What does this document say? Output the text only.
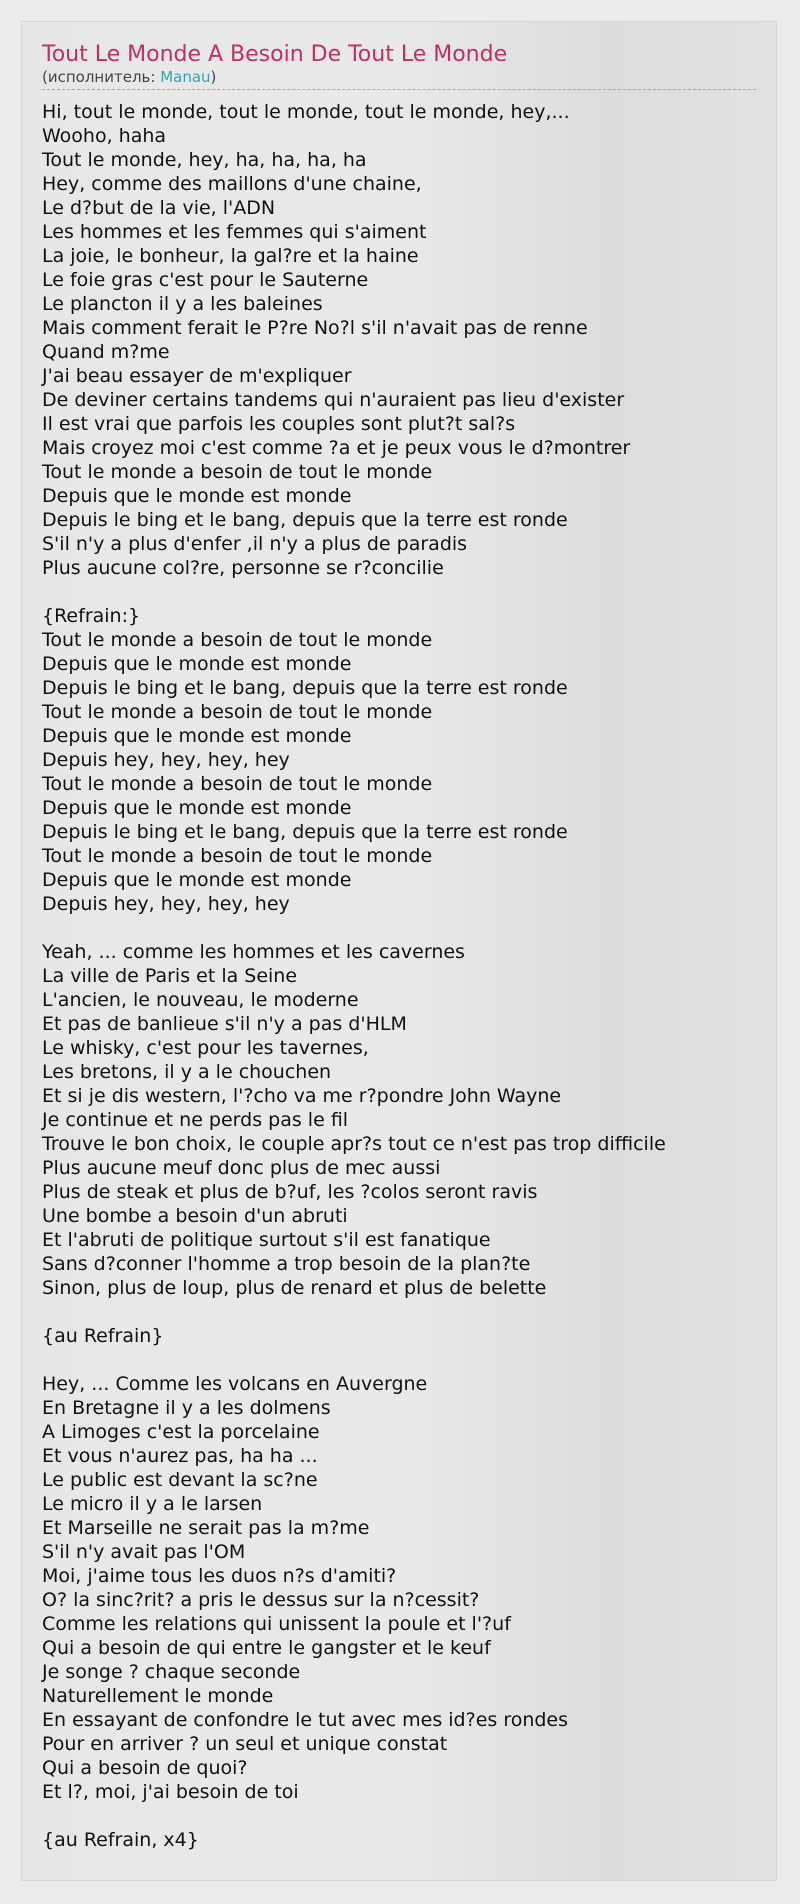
Tout Le Monde A Besoin De Tout Le Monde
(исполнитель: Manau)
Hi, tout le monde, tout le monde, tout le monde, hey,...
Wooho, haha
Tout le monde, hey, ha, ha, ha, ha
Hey, comme des maillons d'une chaine,
Le d?but de la vie, l'ADN
Les hommes et les femmes qui s'aiment
La joie, le bonheur, la gal?re et la haine
Le foie gras c'est pour le Sauterne
Le plancton il y a les baleines
Mais comment ferait le P?re No?l s'il n'avait pas de renne
Quand m?me
J'ai beau essayer de m'expliquer
De deviner certains tandems qui n'auraient pas lieu d'exister
Il est vrai que parfois les couples sont plut?t sal?s
Mais croyez moi c'est comme ?a et je peux vous le d?montrer
Tout le monde a besoin de tout le monde
Depuis que le monde est monde
Depuis le bing et le bang, depuis que la terre est ronde
S'il n'y a plus d'enfer ,il n'y a plus de paradis
Plus aucune col?re, personne se r?concilie
{Refrain:}
Tout le monde a besoin de tout le monde
Depuis que le monde est monde
Depuis le bing et le bang, depuis que la terre est ronde
Tout le monde a besoin de tout le monde
Depuis que le monde est monde
Depuis hey, hey, hey, hey
Tout le monde a besoin de tout le monde
Depuis que le monde est monde
Depuis le bing et le bang, depuis que la terre est ronde
Tout le monde a besoin de tout le monde
Depuis que le monde est monde
Depuis hey, hey, hey, hey
Yeah, ... comme les hommes et les cavernes
La ville de Paris et la Seine
L'ancien, le nouveau, le moderne
Et pas de banlieue s'il n'y a pas d'HLM
Le whisky, c'est pour les tavernes,
Les bretons, il y a le chouchen
Et si je dis western, l'?cho va me r?pondre John Wayne
Je continue et ne perds pas le fil
Trouve le bon choix, le couple apr?s tout ce n'est pas trop difficile
Plus aucune meuf donc plus de mec aussi
Plus de steak et plus de b?uf, les ?colos seront ravis
Une bombe a besoin d'un abruti
Et l'abruti de politique surtout s'il est fanatique
Sans d?conner l'homme a trop besoin de la plan?te
Sinon, plus de loup, plus de renard et plus de belette
{au Refrain}
Hey, ... Comme les volcans en Auvergne
En Bretagne il y a les dolmens
A Limoges c'est la porcelaine
Et vous n'aurez pas, ha ha ...
Le public est devant la sc?ne
Le micro il y a le larsen
Et Marseille ne serait pas la m?me
S'il n'y avait pas l'OM
Moi, j'aime tous les duos n?s d'amiti?
O? la sinc?rit? a pris le dessus sur la n?cessit?
Comme les relations qui unissent la poule et l'?uf
Qui a besoin de qui entre le gangster et le keuf
Je songe ? chaque seconde
Naturellement le monde
En essayant de confondre le tut avec mes id?es rondes
Pour en arriver ? un seul et unique constat
Qui a besoin de quoi?
Et l?, moi, j'ai besoin de toi
{au Refrain, x4}
